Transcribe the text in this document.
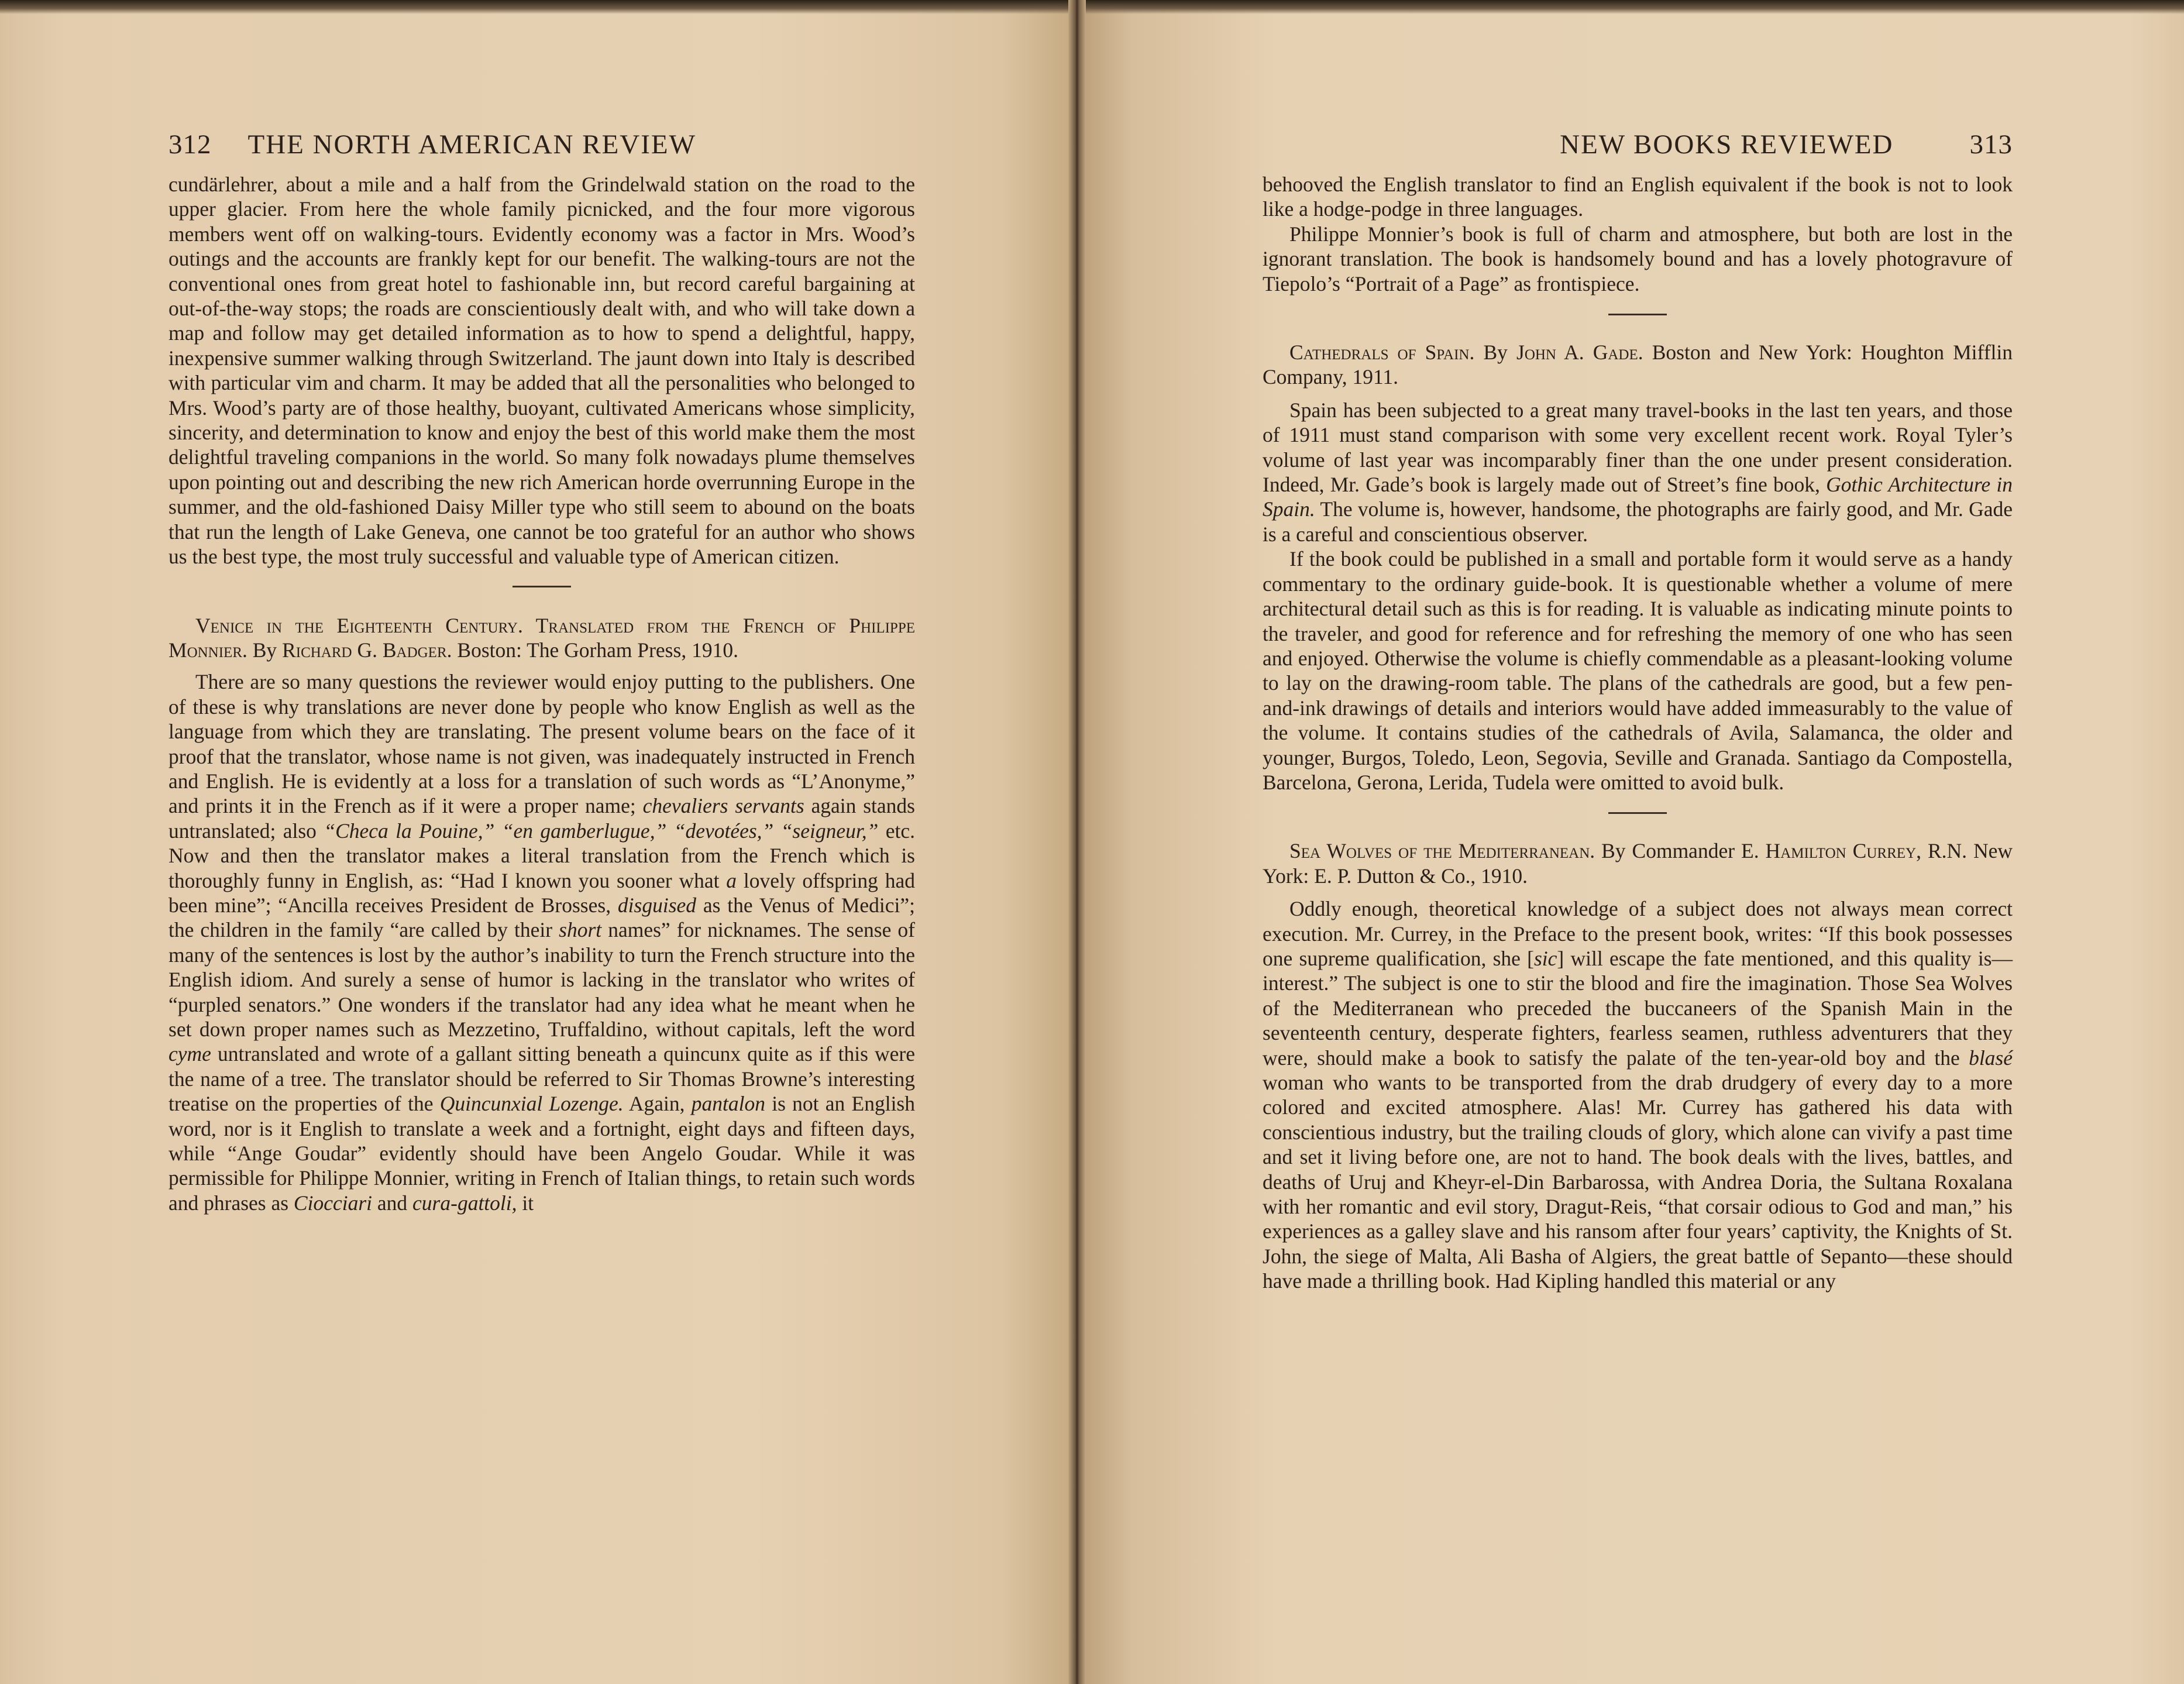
312	THE NORTH AMERICAN REVIEW

cundärlehrer, about a mile and a half from the Grindelwald station on the road to the upper glacier. From here the whole family picnicked, and the four more vigorous members went off on walking-tours. Evidently economy was a factor in Mrs. Wood’s outings and the accounts are frankly kept for our benefit. The walking-tours are not the conventional ones from great hotel to fashionable inn, but record careful bargaining at out-of-the-way stops; the roads are conscientiously dealt with, and who will take down a map and follow may get detailed information as to how to spend a delightful, happy, inexpensive summer walking through Switzerland. The jaunt down into Italy is described with particular vim and charm. It may be added that all the personalities who belonged to Mrs. Wood’s party are of those healthy, buoyant, cultivated Americans whose simplicity, sincerity, and determination to know and enjoy the best of this world make them the most delightful traveling companions in the world. So many folk nowadays plume themselves upon pointing out and describing the new rich American horde overrunning Europe in the summer, and the old-fashioned Daisy Miller type who still seem to abound on the boats that run the length of Lake Geneva, one cannot be too grateful for an author who shows us the best type, the most truly successful and valuable type of American citizen.

Venice in the Eighteenth Century. Translated from the French of Philippe Monnier. By Richard G. Badger. Boston: The Gorham Press, 1910.

There are so many questions the reviewer would enjoy putting to the publishers. One of these is why translations are never done by people who know English as well as the language from which they are translating. The present volume bears on the face of it proof that the translator, whose name is not given, was inadequately instructed in French and English. He is evidently at a loss for a translation of such words as “L’Anonyme,” and prints it in the French as if it were a proper name; chevaliers servants again stands untranslated; also “Checa la Pouine,” “en gamberlugue,” “devotées,” “seigneur,” etc. Now and then the translator makes a literal translation from the French which is thoroughly funny in English, as: “Had I known you sooner what a lovely offspring had been mine”; “Ancilla receives President de Brosses, disguised as the Venus of Medici”; the children in the family “are called by their short names” for nicknames. The sense of many of the sentences is lost by the author’s inability to turn the French structure into the English idiom. And surely a sense of humor is lacking in the translator who writes of “purpled senators.” One wonders if the translator had any idea what he meant when he set down proper names such as Mezzetino, Truffaldino, without capitals, left the word cyme untranslated and wrote of a gallant sitting beneath a quincunx quite as if this were the name of a tree. The translator should be referred to Sir Thomas Browne’s interesting treatise on the properties of the Quincunxial Lozenge. Again, pantalon is not an English word, nor is it English to translate a week and a fortnight, eight days and fifteen days, while “Ange Goudar” evidently should have been Angelo Goudar. While it was permissible for Philippe Monnier, writing in French of Italian things, to retain such words and phrases as Ciocciari and cura-gattoli, it

NEW BOOKS REVIEWED	313

behooved the English translator to find an English equivalent if the book is not to look like a hodge-podge in three languages.

Philippe Monnier’s book is full of charm and atmosphere, but both are lost in the ignorant translation. The book is handsomely bound and has a lovely photogravure of Tiepolo’s “Portrait of a Page” as frontispiece.

Cathedrals of Spain. By John A. Gade. Boston and New York: Houghton Mifflin Company, 1911.

Spain has been subjected to a great many travel-books in the last ten years, and those of 1911 must stand comparison with some very excellent recent work. Royal Tyler’s volume of last year was incomparably finer than the one under present consideration. Indeed, Mr. Gade’s book is largely made out of Street’s fine book, Gothic Architecture in Spain. The volume is, however, handsome, the photographs are fairly good, and Mr. Gade is a careful and conscientious observer.

If the book could be published in a small and portable form it would serve as a handy commentary to the ordinary guide-book. It is questionable whether a volume of mere architectural detail such as this is for reading. It is valuable as indicating minute points to the traveler, and good for reference and for refreshing the memory of one who has seen and enjoyed. Otherwise the volume is chiefly commendable as a pleasant-looking volume to lay on the drawing-room table. The plans of the cathedrals are good, but a few pen-and-ink drawings of details and interiors would have added immeasurably to the value of the volume. It contains studies of the cathedrals of Avila, Salamanca, the older and younger, Burgos, Toledo, Leon, Segovia, Seville and Granada. Santiago da Compostella, Barcelona, Gerona, Lerida, Tudela were omitted to avoid bulk.

Sea Wolves of the Mediterranean. By Commander E. Hamilton Currey, R.N. New York: E. P. Dutton & Co., 1910.

Oddly enough, theoretical knowledge of a subject does not always mean correct execution. Mr. Currey, in the Preface to the present book, writes: “If this book possesses one supreme qualification, she [sic] will escape the fate mentioned, and this quality is—interest.” The subject is one to stir the blood and fire the imagination. Those Sea Wolves of the Mediterranean who preceded the buccaneers of the Spanish Main in the seventeenth century, desperate fighters, fearless seamen, ruthless adventurers that they were, should make a book to satisfy the palate of the ten-year-old boy and the blasé woman who wants to be transported from the drab drudgery of every day to a more colored and excited atmosphere. Alas! Mr. Currey has gathered his data with conscientious industry, but the trailing clouds of glory, which alone can vivify a past time and set it living before one, are not to hand. The book deals with the lives, battles, and deaths of Uruj and Kheyr-el-Din Barbarossa, with Andrea Doria, the Sultana Roxalana with her romantic and evil story, Dragut-Reis, “that corsair odious to God and man,” his experiences as a galley slave and his ransom after four years’ captivity, the Knights of St. John, the siege of Malta, Ali Basha of Algiers, the great battle of Sepanto—these should have made a thrilling book. Had Kipling handled this material or any
